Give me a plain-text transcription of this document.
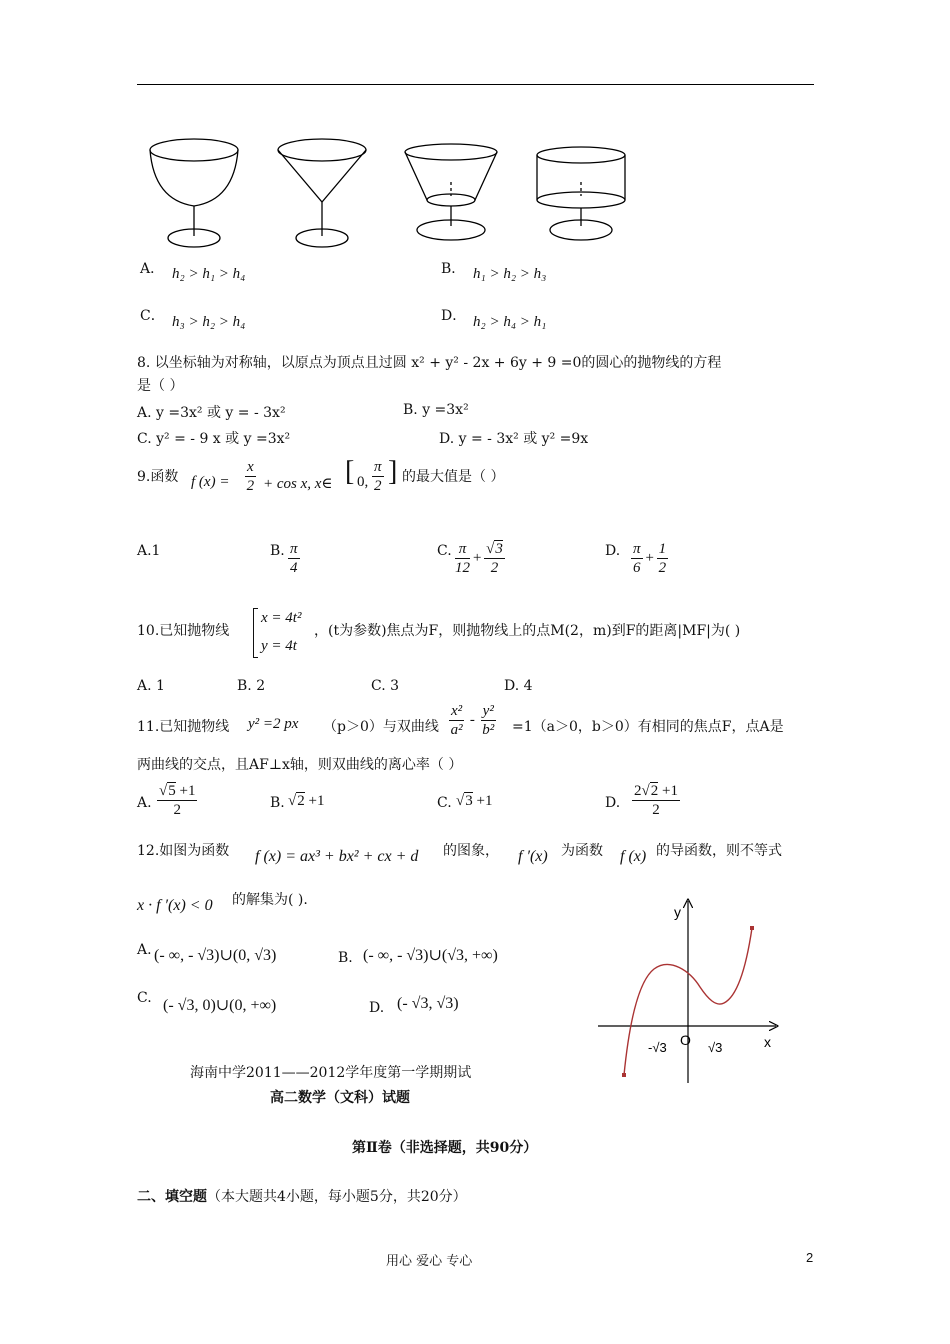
A． h₂ > h₁ > h₄	B． h₁ > h₂ > h₃
C． h₃ > h₂ > h₄	D． h₂ > h₄ > h₁
8. 以坐标轴为对称轴，以原点为顶点且过圆 x² + y² - 2x + 6y + 9 =0的圆心的抛物线的方程
是（ ）
A. y =3x² 或 y = - 3x²	B. y =3x²
C. y² = - 9 x 或 y =3x²	D. y = - 3x² 或 y² =9x
9.函数 f $(x) = \frac{x}{2} + \cos x$, x∈ [ 0, $\frac{\pi}{2}$ ] 的最大值是（ ）
A.1	B. $\frac{\pi}{4}$	C. $\frac{\pi}{12} + \frac{√3}{2}$	D. $\frac{\pi}{6} + \frac{1}{2}$
10.已知抛物线
x = 4t²
y = 4t
，(t为参数)焦点为F，则抛物线上的点M(2，m)到F的距离|MF|为( )
A. 1	B. 2	C. 3	D. 4
11.已知抛物线 y² =2 px （p＞0）与双曲线 $\frac{\text{x²}}{\text{a²}} - \frac{\text{y²}}{\text{b²}} =1(a>0$，b＞0）有相同的焦点F，点A是
两曲线的交点，且AF⊥x轴，则双曲线的离心率（ ）
A. $\frac{√5 +1}{2}$	B. √2 +1	C. √3 +1	D. $\frac{2√2 +1}{2}$
12.如图为函数 f (x) = ax³ + bx² + cx + d 的图象， f ′(x) 为函数 f (x) 的导函数，则不等式
x · f ′(x) < 0 的解集为( ).
A. (- ∞, - √3)∪(0, √3)	B. (- ∞, - √3)∪(√3, +∞)
C. (- √3, 0)∪(0, +∞)	D. (- √3, √3)
y
x
O
-√3	√3
海南中学2011——2012学年度第一学期期试
高二数学（文科）试题
第Ⅱ卷（非选择题，共90分）
二、填空题（本大题共4小题，每小题5分，共20分）
用心 爱心 专心	2
